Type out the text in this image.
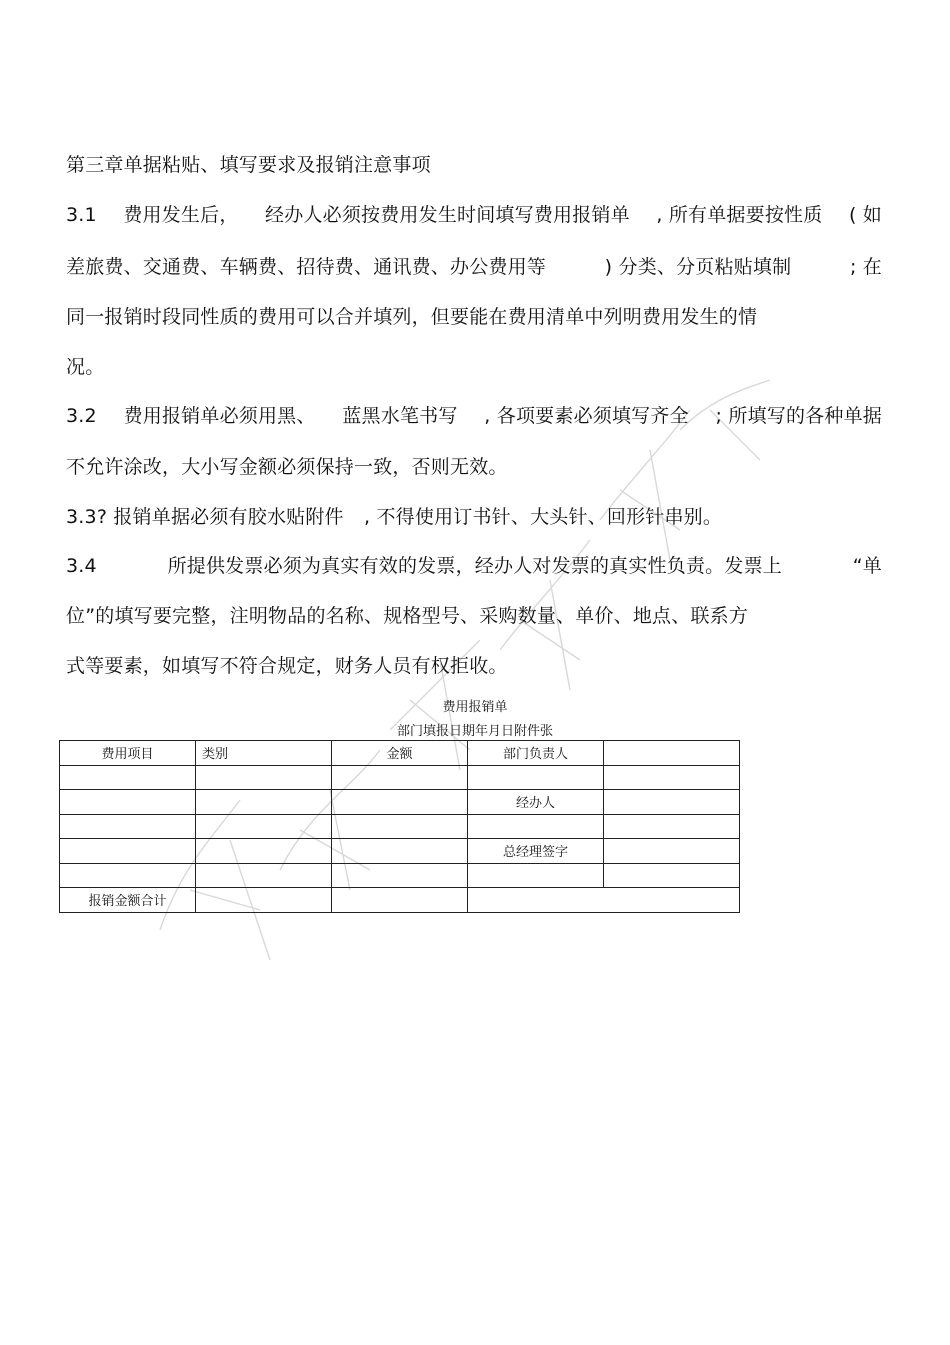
第三章单据粘贴、填写要求及报销注意事项
3.1 费用发生后， 经办人必须按费用发生时间填写费用报销单 , 所有单据要按性质 ( 如
差旅费、交通费、车辆费、招待费、通讯费、办公费用等	) 分类、分页粘贴填制	; 在
同一报销时段同性质的费用可以合并填列，但要能在费用清单中列明费用发生的情
况。
3.2 费用报销单必须用黑、 蓝黑水笔书写 , 各项要素必须填写齐全 ; 所填写的各种单据
不允许涂改，大小写金额必须保持一致，否则无效。
3.3? 报销单据必须有胶水贴附件 , 不得使用订书针、大头针、回形针串别。
3.4	所提供发票必须为真实有效的发票，经办人对发票的真实性负责。发票上	“单
位”的填写要完整，注明物品的名称、规格型号、采购数量、单价、地点、联系方
式等要素，如填写不符合规定，财务人员有权拒收。
费用报销单
部门填报日期年月日附件张
费用项目	类别	金额	部门负责人	

			经办人	

			总经理签字	

报销金额合计				
